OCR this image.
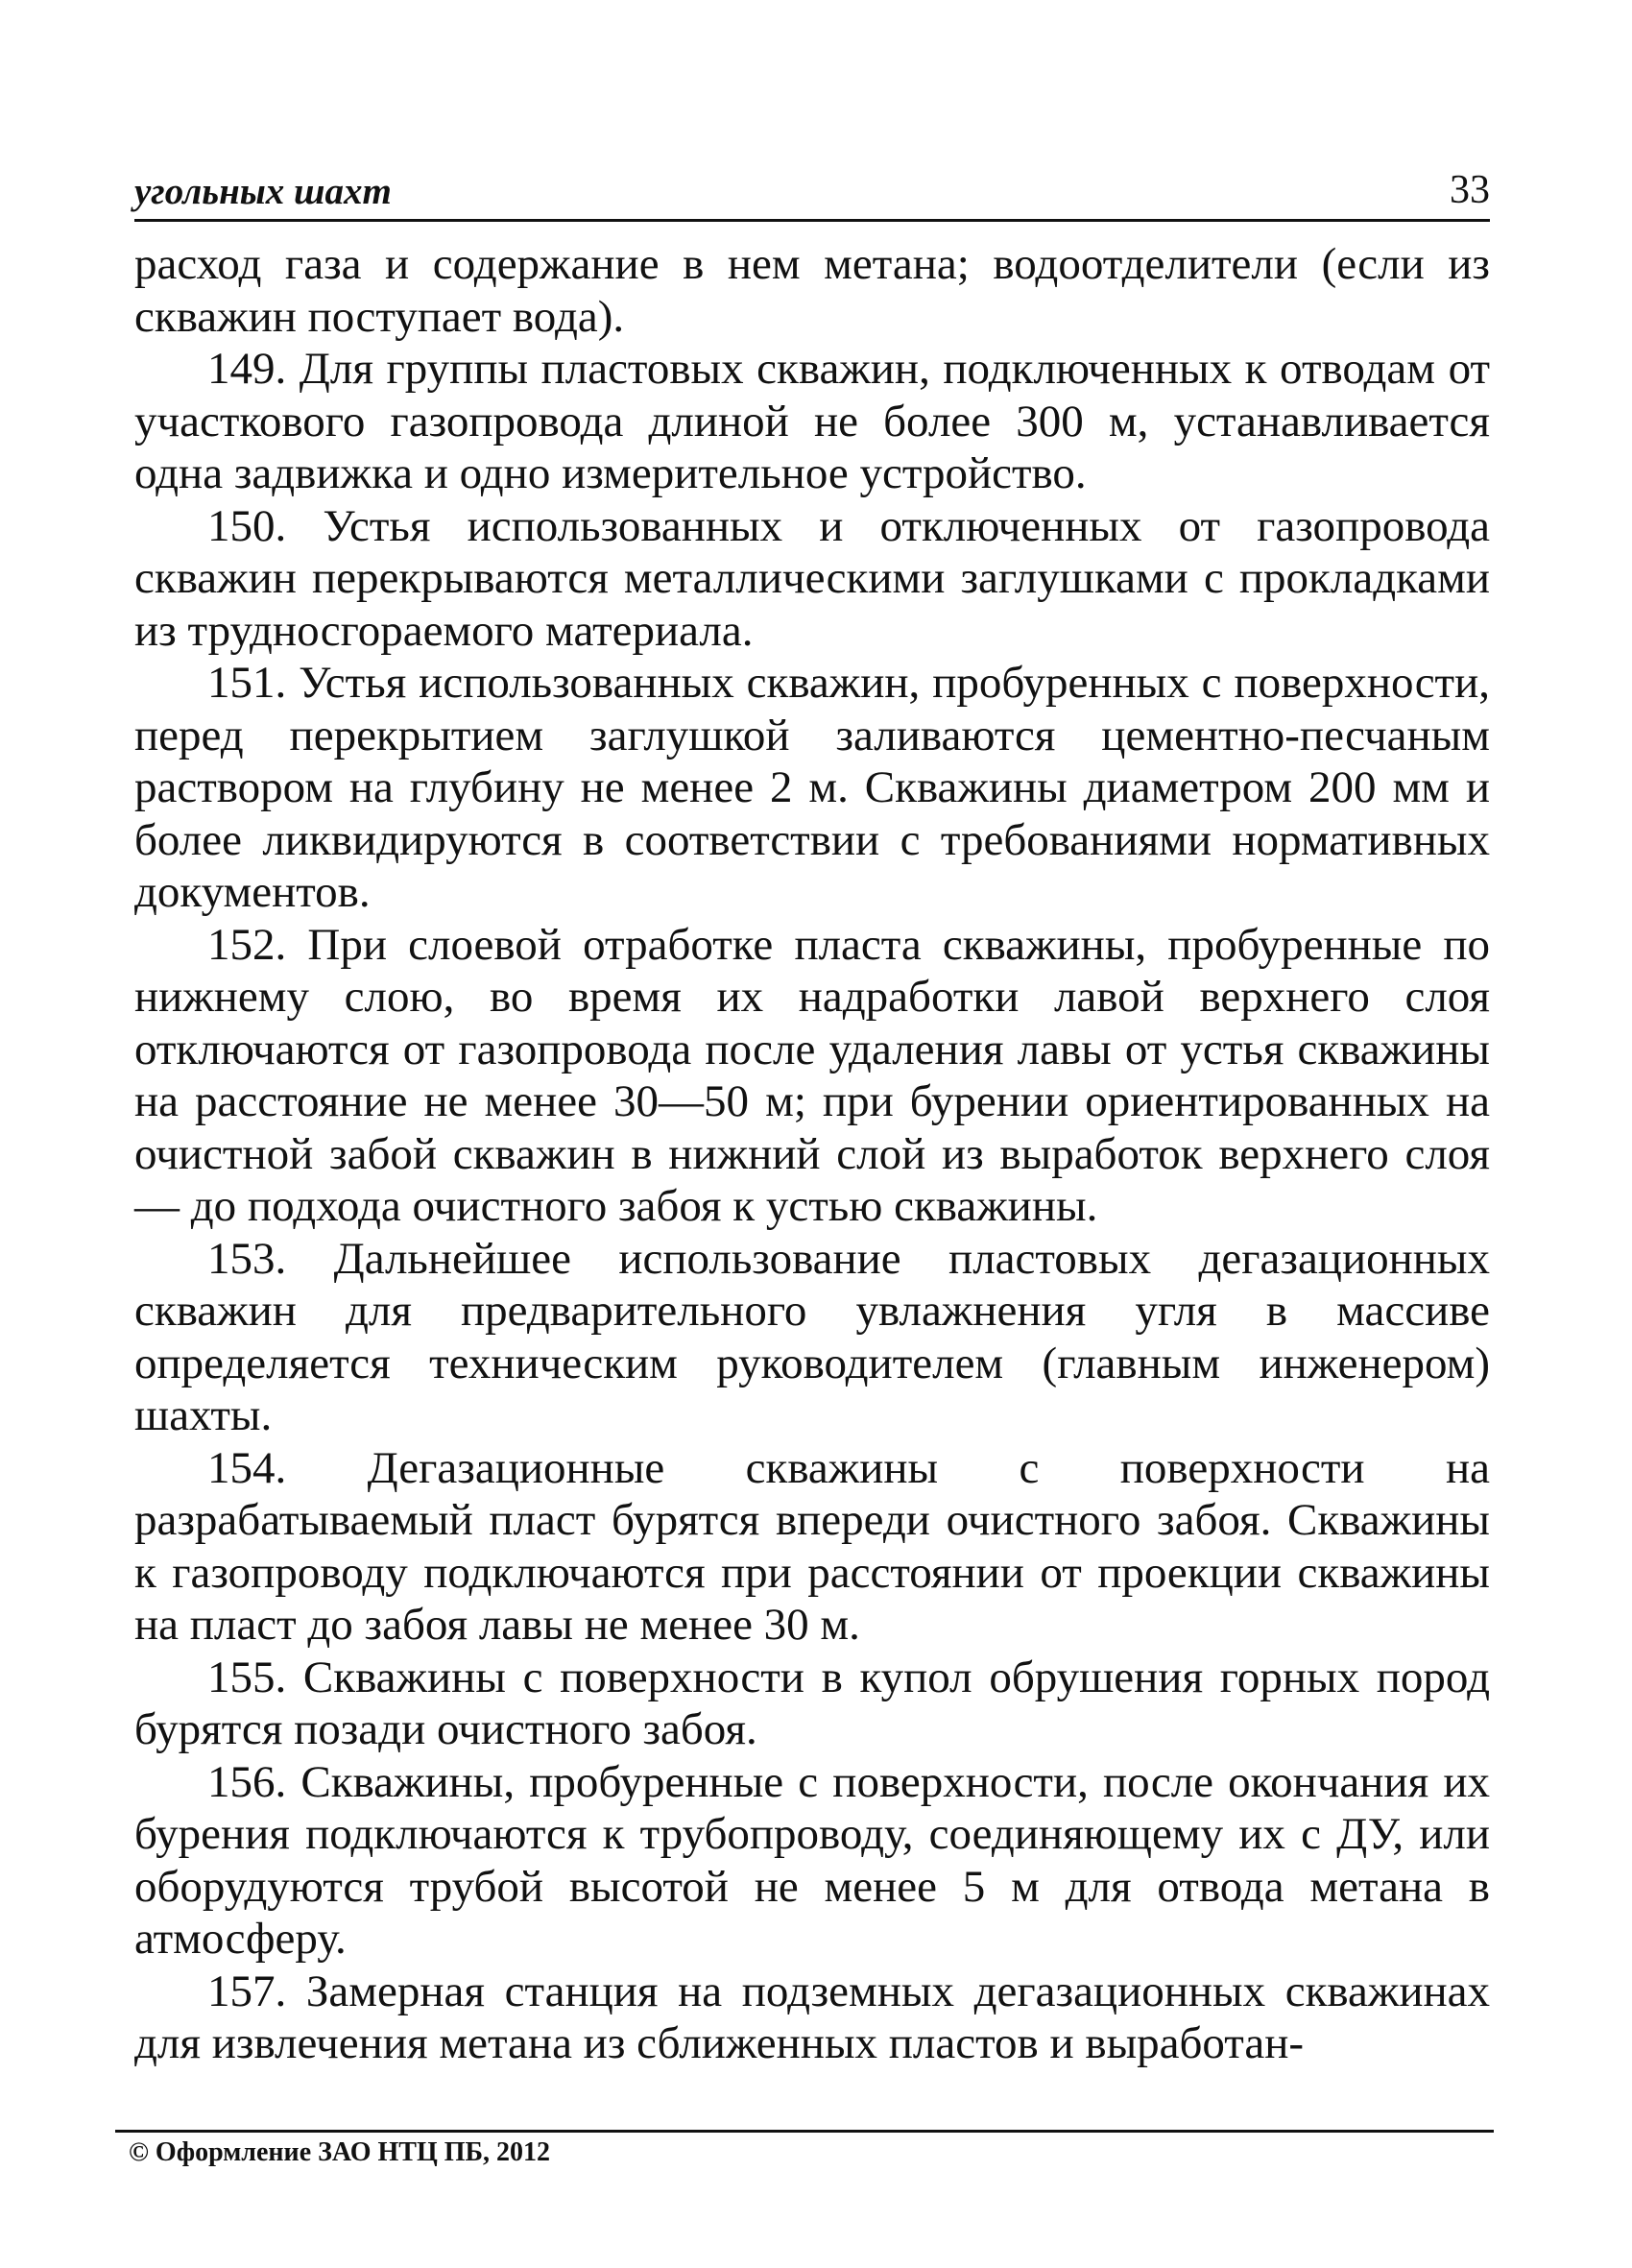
угольных шахт	33

расход газа и содержание в нем метана; водоотделители (если из скважин поступает вода).

149. Для группы пластовых скважин, подключенных к отводам от участкового газопровода длиной не более 300 м, устанавливается одна задвижка и одно измерительное устройство.

150. Устья использованных и отключенных от газопровода скважин перекрываются металлическими заглушками с прокладками из трудносгораемого материала.

151. Устья использованных скважин, пробуренных с поверхности, перед перекрытием заглушкой заливаются цементно-песчаным раствором на глубину не менее 2 м. Скважины диаметром 200 мм и более ликвидируются в соответствии с требованиями нормативных документов.

152. При слоевой отработке пласта скважины, пробуренные по нижнему слою, во время их надработки лавой верхнего слоя отключаются от газопровода после удаления лавы от устья скважины на расстояние не менее 30—50 м; при бурении ориентированных на очистной забой скважин в нижний слой из выработок верхнего слоя — до подхода очистного забоя к устью скважины.

153. Дальнейшее использование пластовых дегазационных скважин для предварительного увлажнения угля в массиве определяется техническим руководителем (главным инженером) шахты.

154. Дегазационные скважины с поверхности на разрабатываемый пласт бурятся впереди очистного забоя. Скважины к газопроводу подключаются при расстоянии от проекции скважины на пласт до забоя лавы не менее 30 м.

155. Скважины с поверхности в купол обрушения горных пород бурятся позади очистного забоя.

156. Скважины, пробуренные с поверхности, после окончания их бурения подключаются к трубопроводу, соединяющему их с ДУ, или оборудуются трубой высотой не менее 5 м для отвода метана в атмосферу.

157. Замерная станция на подземных дегазационных скважинах для извлечения метана из сближенных пластов и выработан-

© Оформление ЗАО НТЦ ПБ, 2012
